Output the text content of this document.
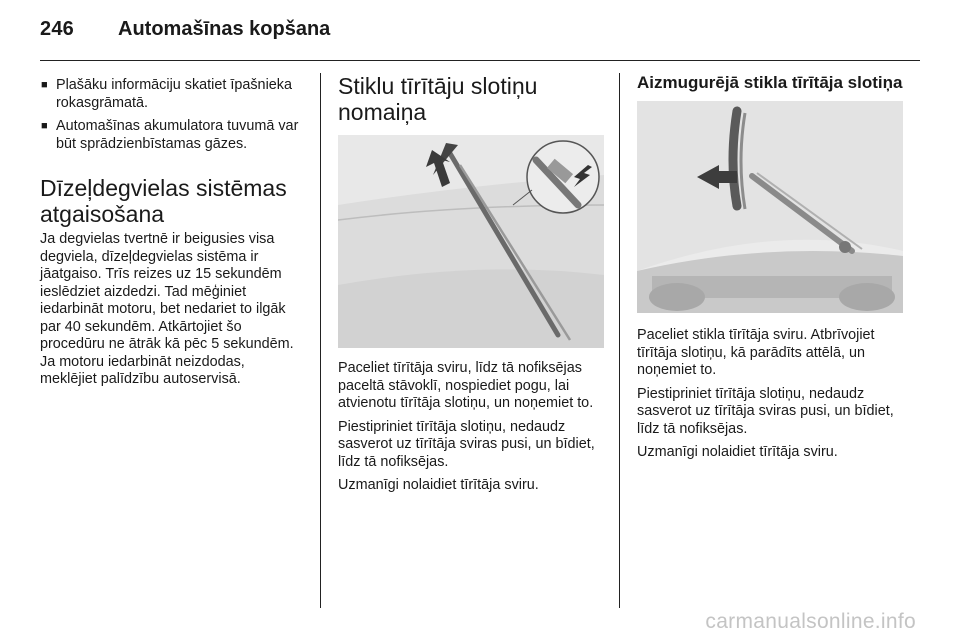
246 Automašīnas kopšana
■ Plašāku informāciju skatiet īpašnieka rokasgrāmatā.
■ Automašīnas akumulatora tuvumā var būt sprādzienbīstamas gāzes.
Dīzeļdegvielas sistēmas atgaisošana

Ja degvielas tvertnē ir beigusies visa degviela, dīzeļdegvielas sistēma ir jāatgaiso. Trīs reizes uz 15 sekundēm ieslēdziet aizdedzi. Tad mēģiniet iedarbināt motoru, bet nedariet to ilgāk par 40 sekundēm. Atkārtojiet šo procedūru ne ātrāk kā pēc 5 sekundēm. Ja motoru iedarbināt neizdodas, meklējiet palīdzību autoservisā.

Stiklu tīrītāju slotiņu nomaiņa

Paceliet tīrītāja sviru, līdz tā nofiksējas paceltā stāvoklī, nospiediet pogu, lai atvienotu tīrītāja slotiņu, un noņemiet to.

Piestipriniet tīrītāja slotiņu, nedaudz sasverot uz tīrītāja sviras pusi, un bīdiet, līdz tā nofiksējas.

Uzmanīgi nolaidiet tīrītāja sviru.

Aizmugurējā stikla tīrītāja slotiņa

Paceliet stikla tīrītāja sviru. Atbrīvojiet tīrītāja slotiņu, kā parādīts attēlā, un noņemiet to.

Piestipriniet tīrītāja slotiņu, nedaudz sasverot uz tīrītāja sviras pusi, un bīdiet, līdz tā nofiksējas.

Uzmanīgi nolaidiet tīrītāja sviru.

carmanualsonline.info
